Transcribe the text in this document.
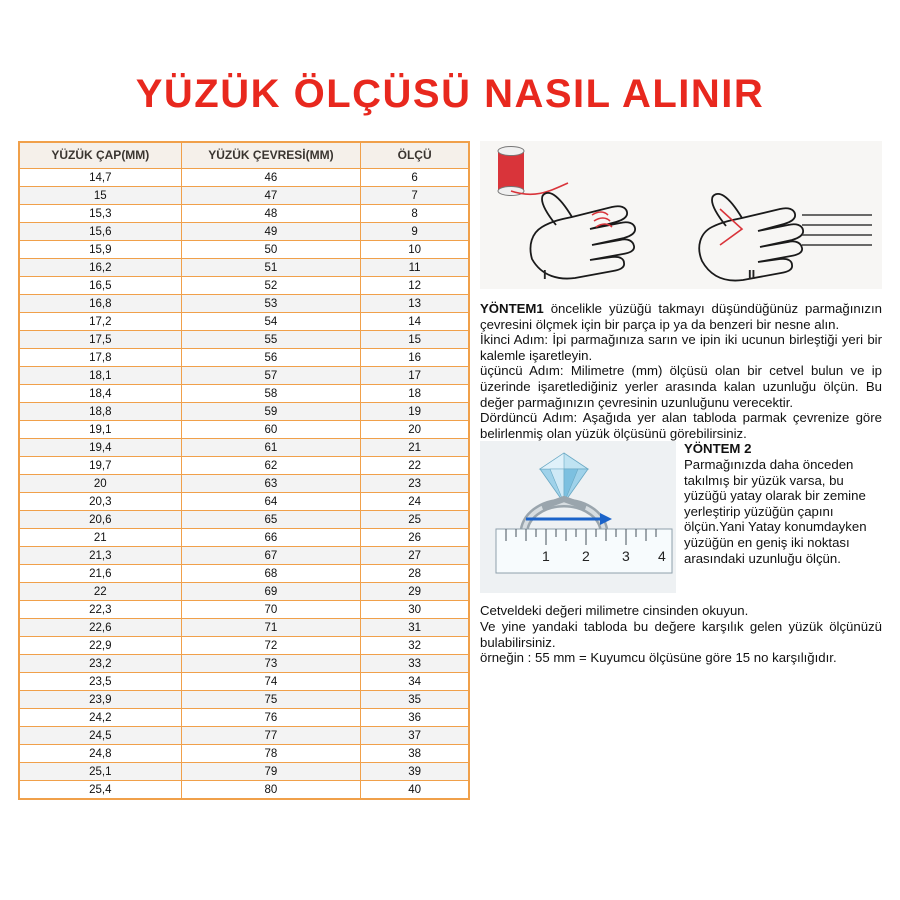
YÜZÜK ÖLÇÜSÜ NASIL ALINIR
YÜZÜK ÇAP(MM)	YÜZÜK ÇEVRESİ(MM)	ÖLÇÜ
14,7	46	6
15	47	7
15,3	48	8
15,6	49	9
15,9	50	10
16,2	51	11
16,5	52	12
16,8	53	13
17,2	54	14
17,5	55	15
17,8	56	16
18,1	57	17
18,4	58	18
18,8	59	19
19,1	60	20
19,4	61	21
19,7	62	22
20	63	23
20,3	64	24
20,6	65	25
21	66	26
21,3	67	27
21,6	68	28
22	69	29
22,3	70	30
22,6	71	31
22,9	72	32
23,2	73	33
23,5	74	34
23,9	75	35
24,2	76	36
24,5	77	37
24,8	78	38
25,1	79	39
25,4	80	40
I	II

YÖNTEM1 öncelikle yüzüğü takmayı düşündüğünüz parmağınızın çevresini ölçmek için bir parça ip ya da benzeri bir nesne alın.

İkinci Adım: İpi parmağınıza sarın ve ipin iki ucunun birleştiği yeri bir kalemle işaretleyin.

üçüncü Adım: Milimetre (mm) ölçüsü olan bir cetvel bulun ve ip üzerinde işaretlediğiniz yerler arasında kalan uzunluğu ölçün. Bu değer parmağınızın çevresinin uzunluğunu verecektir.

Dördüncü Adım: Aşağıda yer alan tabloda parmak çevrenize göre belirlenmiş olan yüzük ölçüsünü görebilirsiniz.

1 2 3 4
YÖNTEM 2
Parmağınızda daha önceden takılmış bir yüzük varsa, bu yüzüğü yatay olarak bir zemine yerleştirip yüzüğün çapını ölçün.Yani Yatay konumdayken yüzüğün en geniş iki noktası arasındaki uzunluğu ölçün.

Cetveldeki değeri milimetre cinsinden okuyun.

Ve yine yandaki tabloda bu değere karşılık gelen yüzük ölçünüzü bulabilirsiniz.

örneğin : 55 mm = Kuyumcu ölçüsüne göre 15 no karşılığıdır.
